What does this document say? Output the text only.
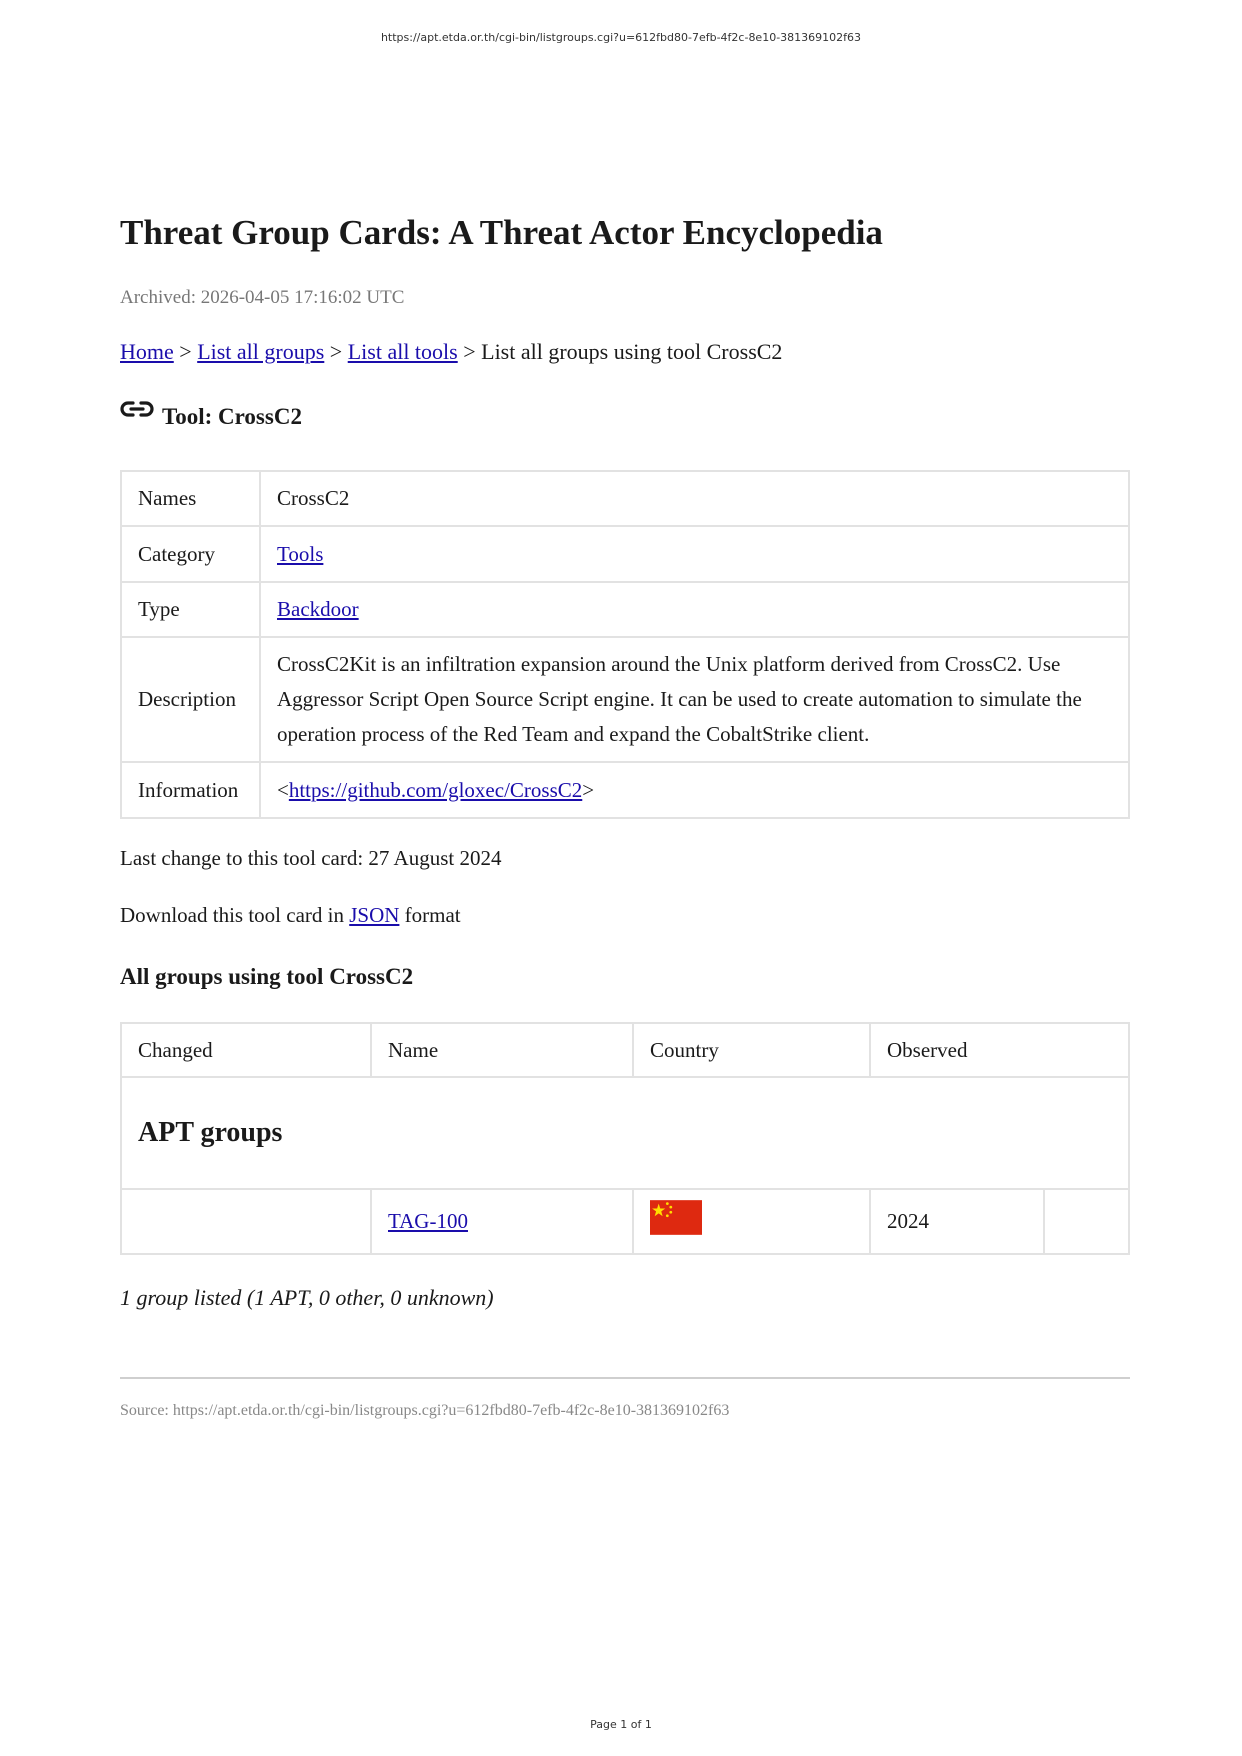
https://apt.etda.or.th/cgi-bin/listgroups.cgi?u=612fbd80-7efb-4f2c-8e10-381369102f63
Threat Group Cards: A Threat Actor Encyclopedia
Archived: 2026-04-05 17:16:02 UTC
Home > List all groups > List all tools > List all groups using tool CrossC2
Tool: CrossC2
Names	CrossC2
Category	Tools
Type	Backdoor
Description	CrossC2Kit is an infiltration expansion around the Unix platform derived from CrossC2. Use Aggressor Script Open Source Script engine. It can be used to create automation to simulate the operation process of the Red Team and expand the CobaltStrike client.
Information	<https://github.com/gloxec/CrossC2>
Last change to this tool card: 27 August 2024
Download this tool card in JSON format
All groups using tool CrossC2
Changed	Name	Country	Observed	
APT groups				
	TAG-100		2024	
1 group listed (1 APT, 0 other, 0 unknown)
Source: https://apt.etda.or.th/cgi-bin/listgroups.cgi?u=612fbd80-7efb-4f2c-8e10-381369102f63
Page 1 of 1
